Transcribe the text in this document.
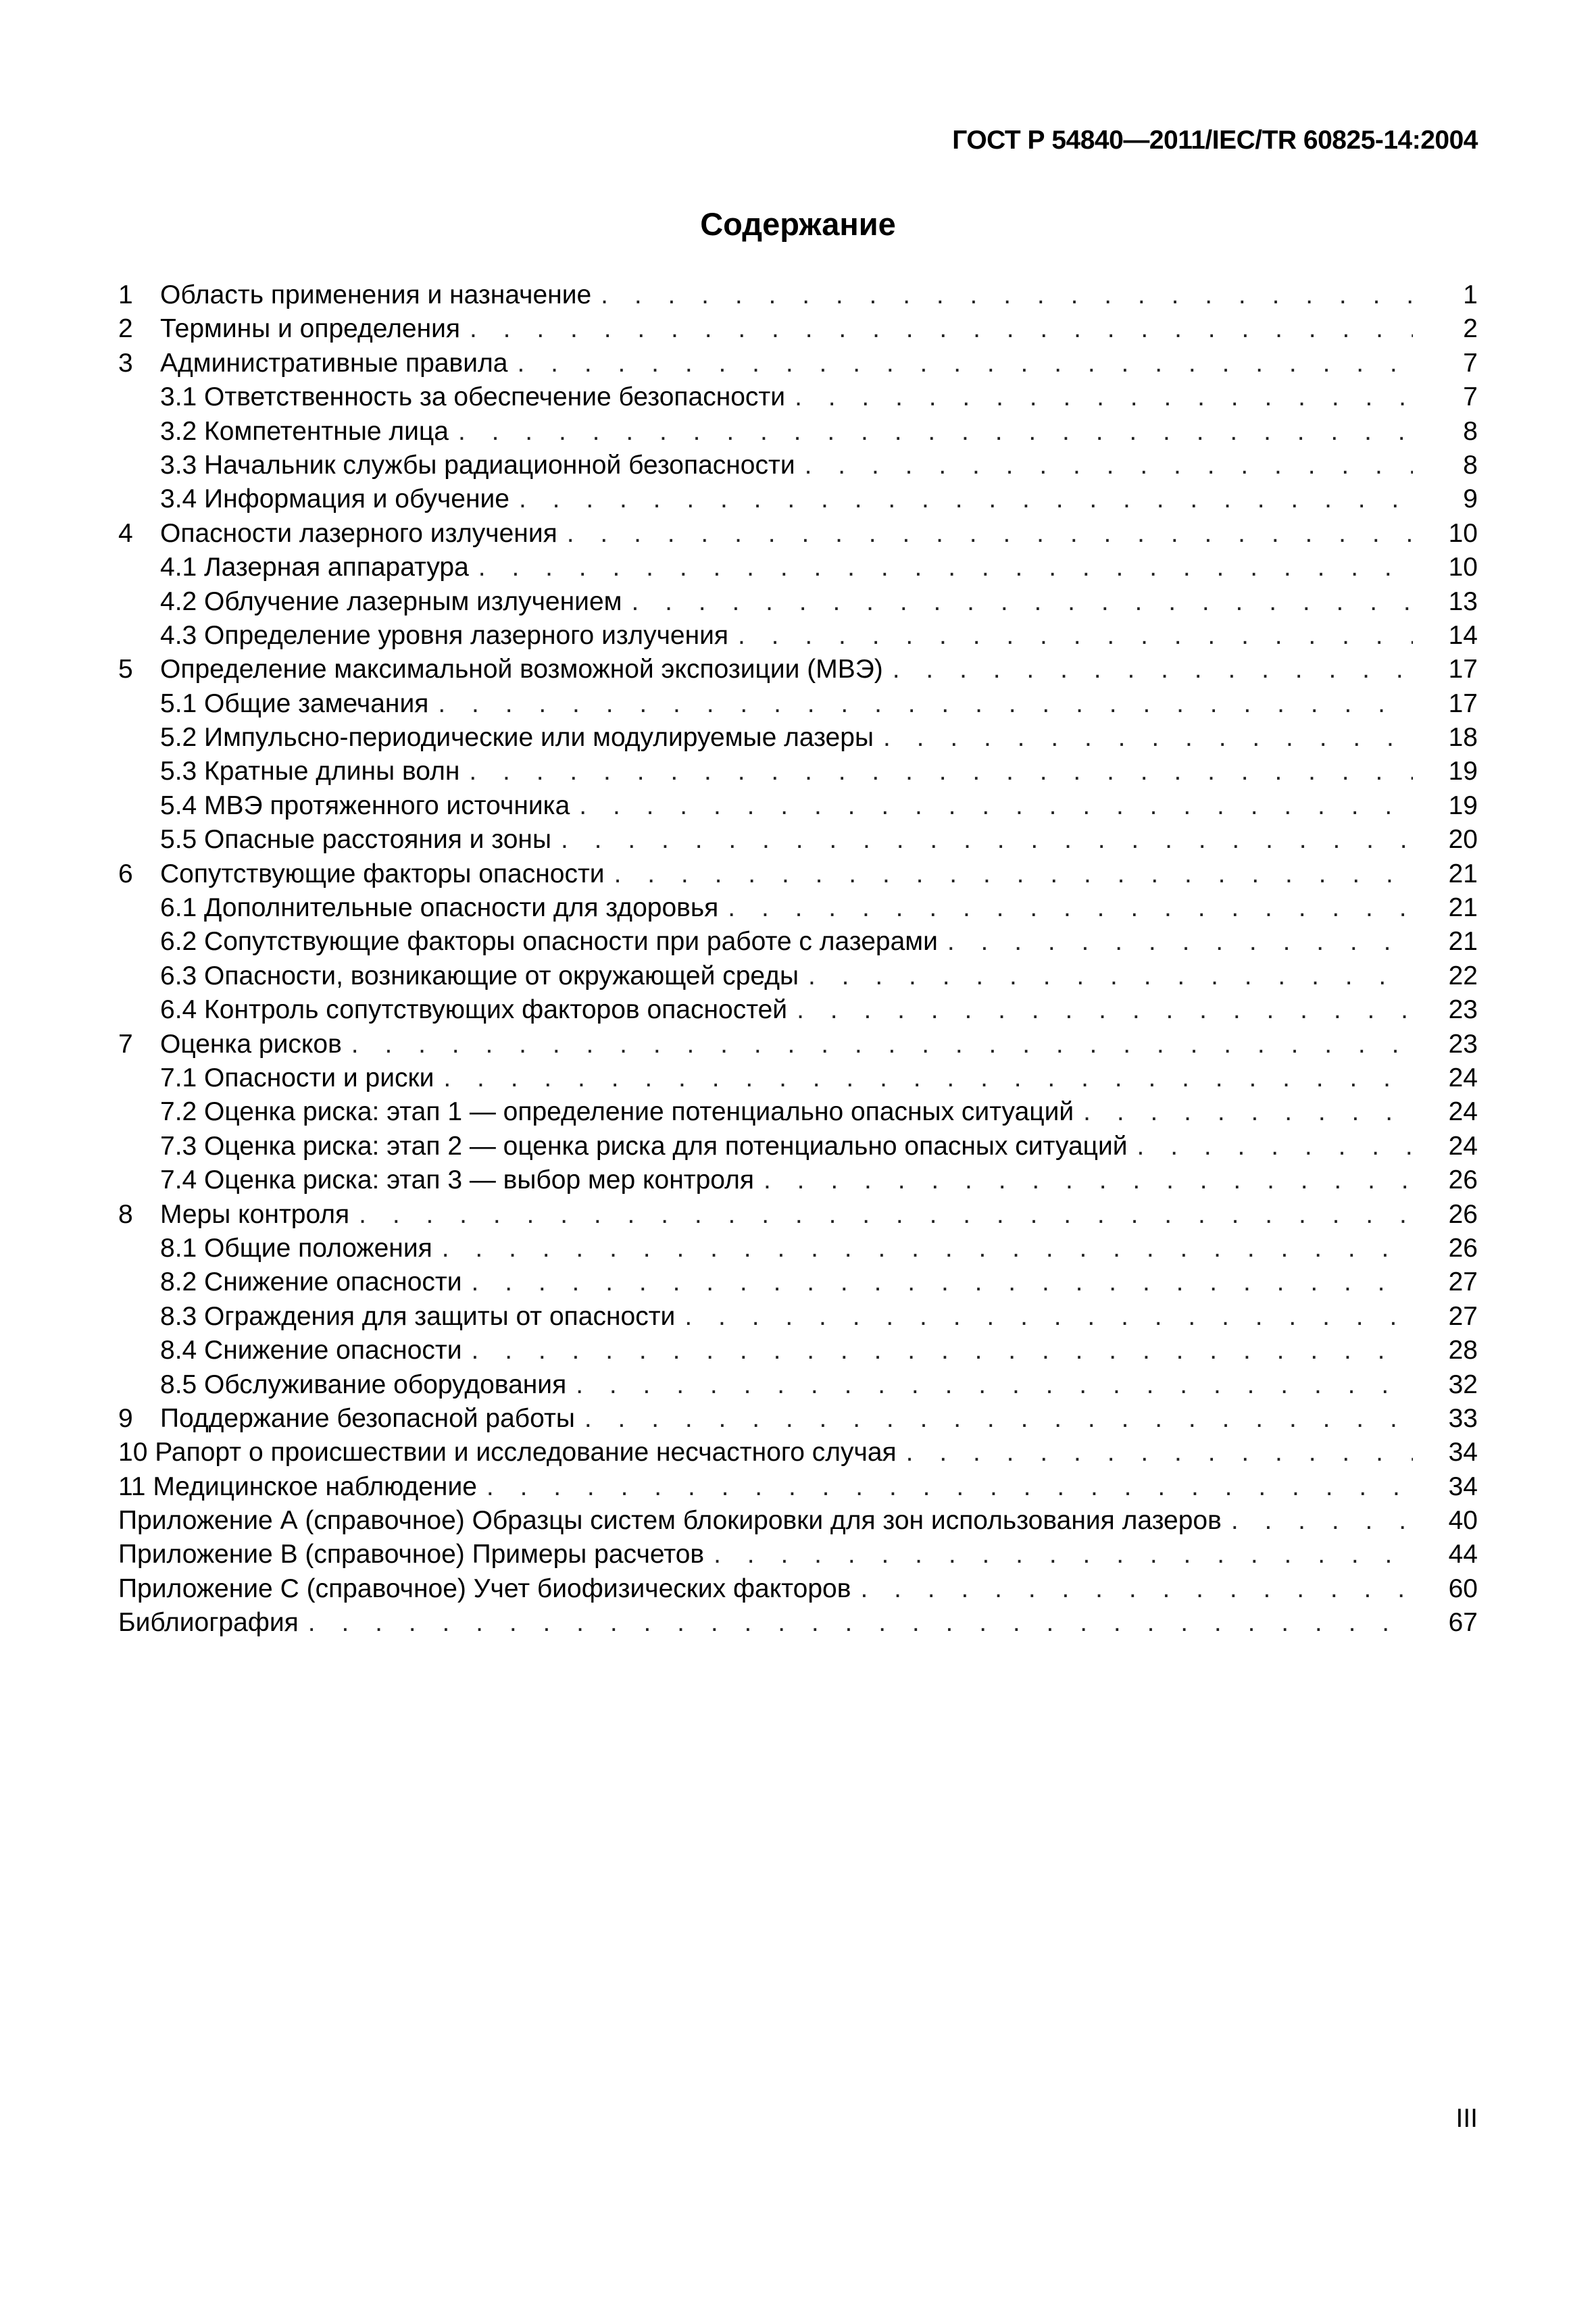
ГОСТ Р 54840—2011/IEC/TR 60825-14:2004
Содержание
1	Область применения и назначение . . .	1
2	Термины и определения . . .	2
3	Административные правила . . .	7
3.1 Ответственность за обеспечение безопасности . . .	7
3.2 Компетентные лица . . .	8
3.3 Начальник службы радиационной безопасности . . .	8
3.4 Информация и обучение . . .	9
4	Опасности лазерного излучения . . .	10
4.1 Лазерная аппаратура . . .	10
4.2 Облучение лазерным излучением . . .	13
4.3 Определение уровня лазерного излучения . . .	14
5	Определение максимальной возможной экспозиции (МВЭ) . . .	17
5.1 Общие замечания . . .	17
5.2 Импульсно-периодические или модулируемые лазеры . . .	18
5.3 Кратные длины волн . . .	19
5.4 МВЭ протяженного источника . . .	19
5.5 Опасные расстояния и зоны . . .	20
6	Сопутствующие факторы опасности . . .	21
6.1 Дополнительные опасности для здоровья . . .	21
6.2 Сопутствующие факторы опасности при работе с лазерами . . .	21
6.3 Опасности, возникающие от окружающей среды . . .	22
6.4 Контроль сопутствующих факторов опасностей . . .	23
7	Оценка рисков . . .	23
7.1 Опасности и риски . . .	24
7.2 Оценка риска: этап 1 — определение потенциально опасных ситуаций . . .	24
7.3 Оценка риска: этап 2 — оценка риска для потенциально опасных ситуаций . . .	24
7.4 Оценка риска: этап 3 — выбор мер контроля . . .	26
8	Меры контроля . . .	26
8.1 Общие положения . . .	26
8.2 Снижение опасности . . .	27
8.3 Ограждения для защиты от опасности . . .	27
8.4 Снижение опасности . . .	28
8.5 Обслуживание оборудования . . .	32
9	Поддержание безопасной работы . . .	33
10 Рапорт о происшествии и исследование несчастного случая . . .	34
11 Медицинское наблюдение . . .	34
Приложение А (справочное) Образцы систем блокировки для зон использования лазеров . . .	40
Приложение В (справочное) Примеры расчетов . . .	44
Приложение С (справочное) Учет биофизических факторов . . .	60
Библиография . . .	67
III
